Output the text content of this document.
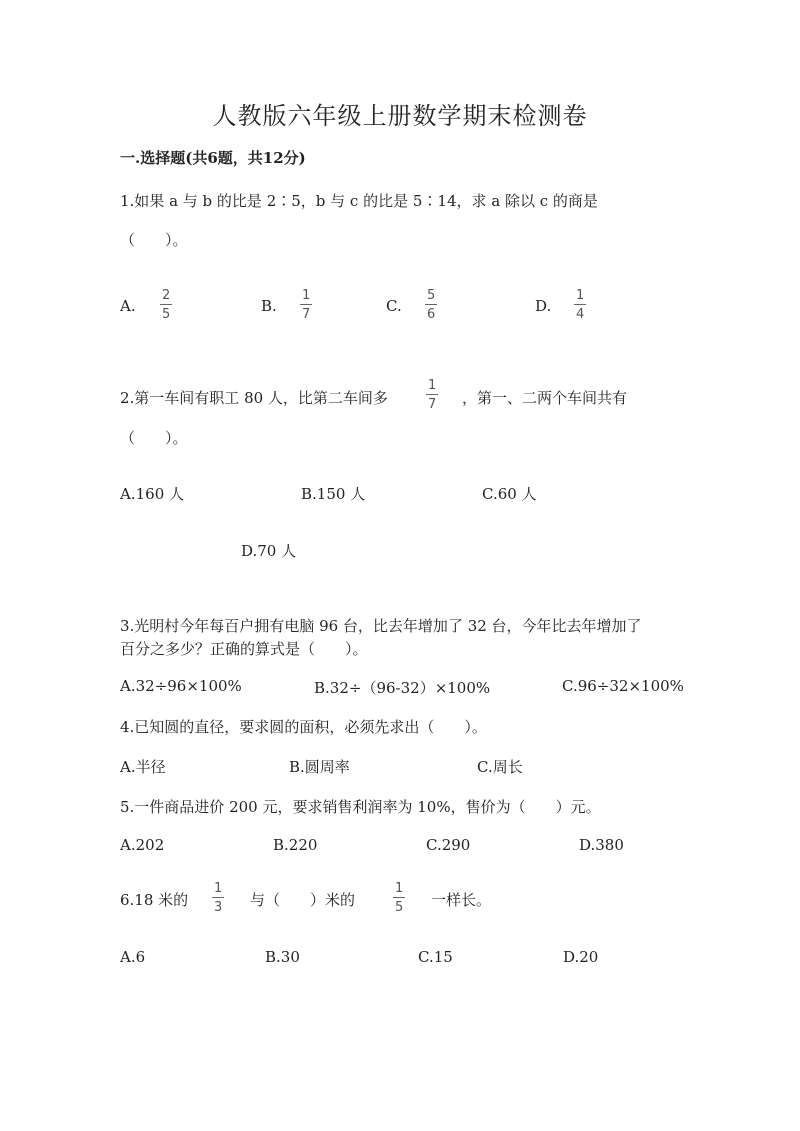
人教版六年级上册数学期末检测卷
一.选择题(共6题，共12分)
1.如果 a 与 b 的比是 2∶5，b 与 c 的比是 5∶14，求 a 除以 c 的商是
（　　）。
A.
2
5	B.
1
7	C.
5
6	D.
1
4
2.第一车间有职工 80 人，比第二车间多
1
7 ，第一、二两个车间共有
（　　）。
A.160 人	B.150 人	C.60 人
D.70 人
3.光明村今年每百户拥有电脑 96 台，比去年增加了 32 台，今年比去年增加了
百分之多少？正确的算式是（　　）。
A.32÷96×100%	B.32÷（96-32）×100%	C.96÷32×100%
4.已知圆的直径，要求圆的面积，必须先求出（　　）。
A.半径	B.圆周率	C.周长
5.一件商品进价 200 元，要求销售利润率为 10%，售价为（　　）元。
A.202	B.220	C.290	D.380
6.18 米的
1
3 与（　　）米的
1
5 一样长。
A.6	B.30	C.15	D.20
